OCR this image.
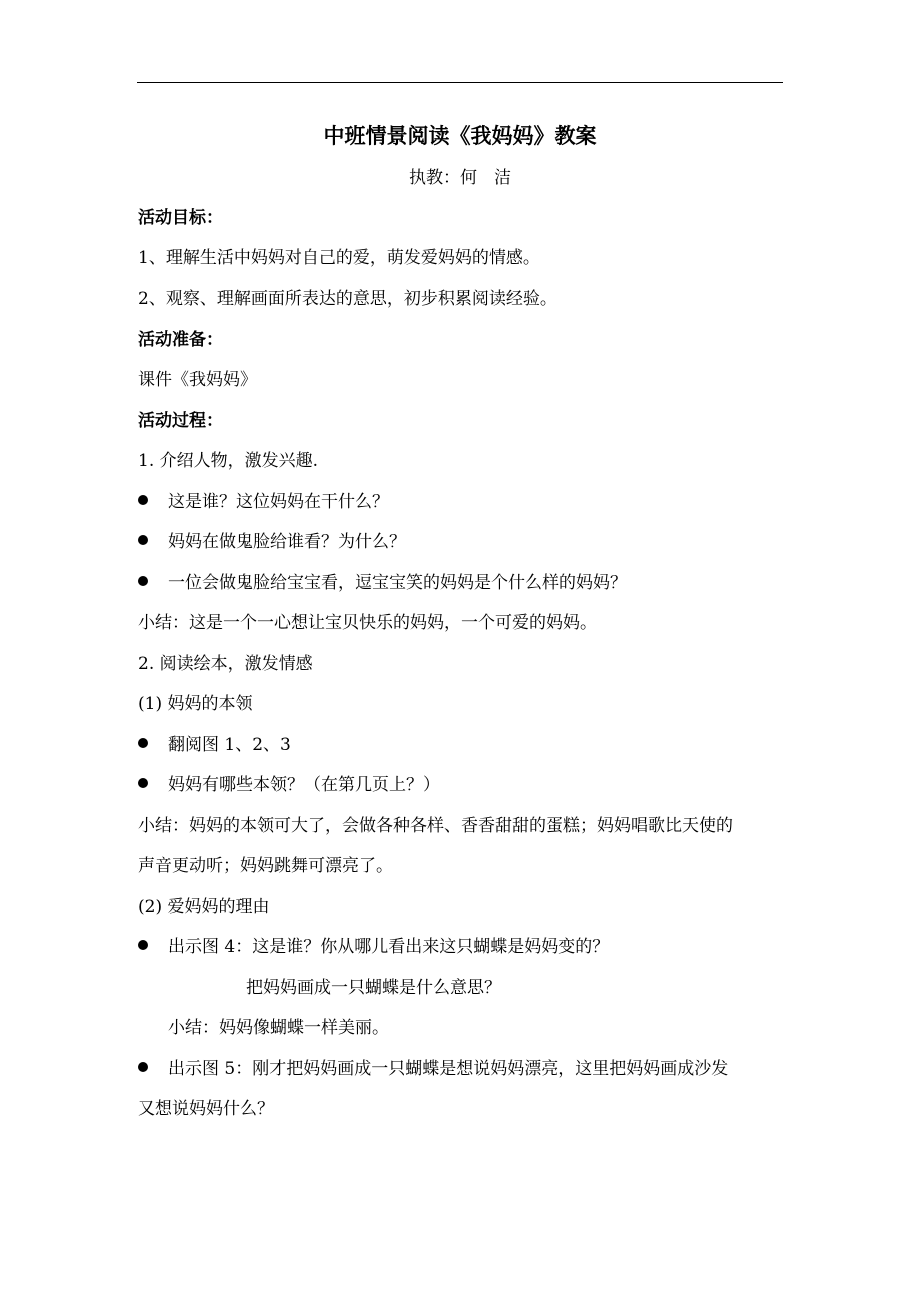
中班情景阅读《我妈妈》教案
执教：何　洁
活动目标：
1、理解生活中妈妈对自己的爱，萌发爱妈妈的情感。
2、观察、理解画面所表达的意思，初步积累阅读经验。
活动准备：
课件《我妈妈》
活动过程：
1. 介绍人物，激发兴趣.
这是谁？这位妈妈在干什么？
妈妈在做鬼脸给谁看？为什么？
一位会做鬼脸给宝宝看，逗宝宝笑的妈妈是个什么样的妈妈？
小结：这是一个一心想让宝贝快乐的妈妈，一个可爱的妈妈。
2. 阅读绘本，激发情感
(1) 妈妈的本领
翻阅图 1、2、3
妈妈有哪些本领？（在第几页上？）
小结：妈妈的本领可大了，会做各种各样、香香甜甜的蛋糕；妈妈唱歌比天使的
声音更动听；妈妈跳舞可漂亮了。
(2) 爱妈妈的理由
出示图 4：这是谁？你从哪儿看出来这只蝴蝶是妈妈变的？
把妈妈画成一只蝴蝶是什么意思？
小结：妈妈像蝴蝶一样美丽。
出示图 5：刚才把妈妈画成一只蝴蝶是想说妈妈漂亮，这里把妈妈画成沙发
又想说妈妈什么？
